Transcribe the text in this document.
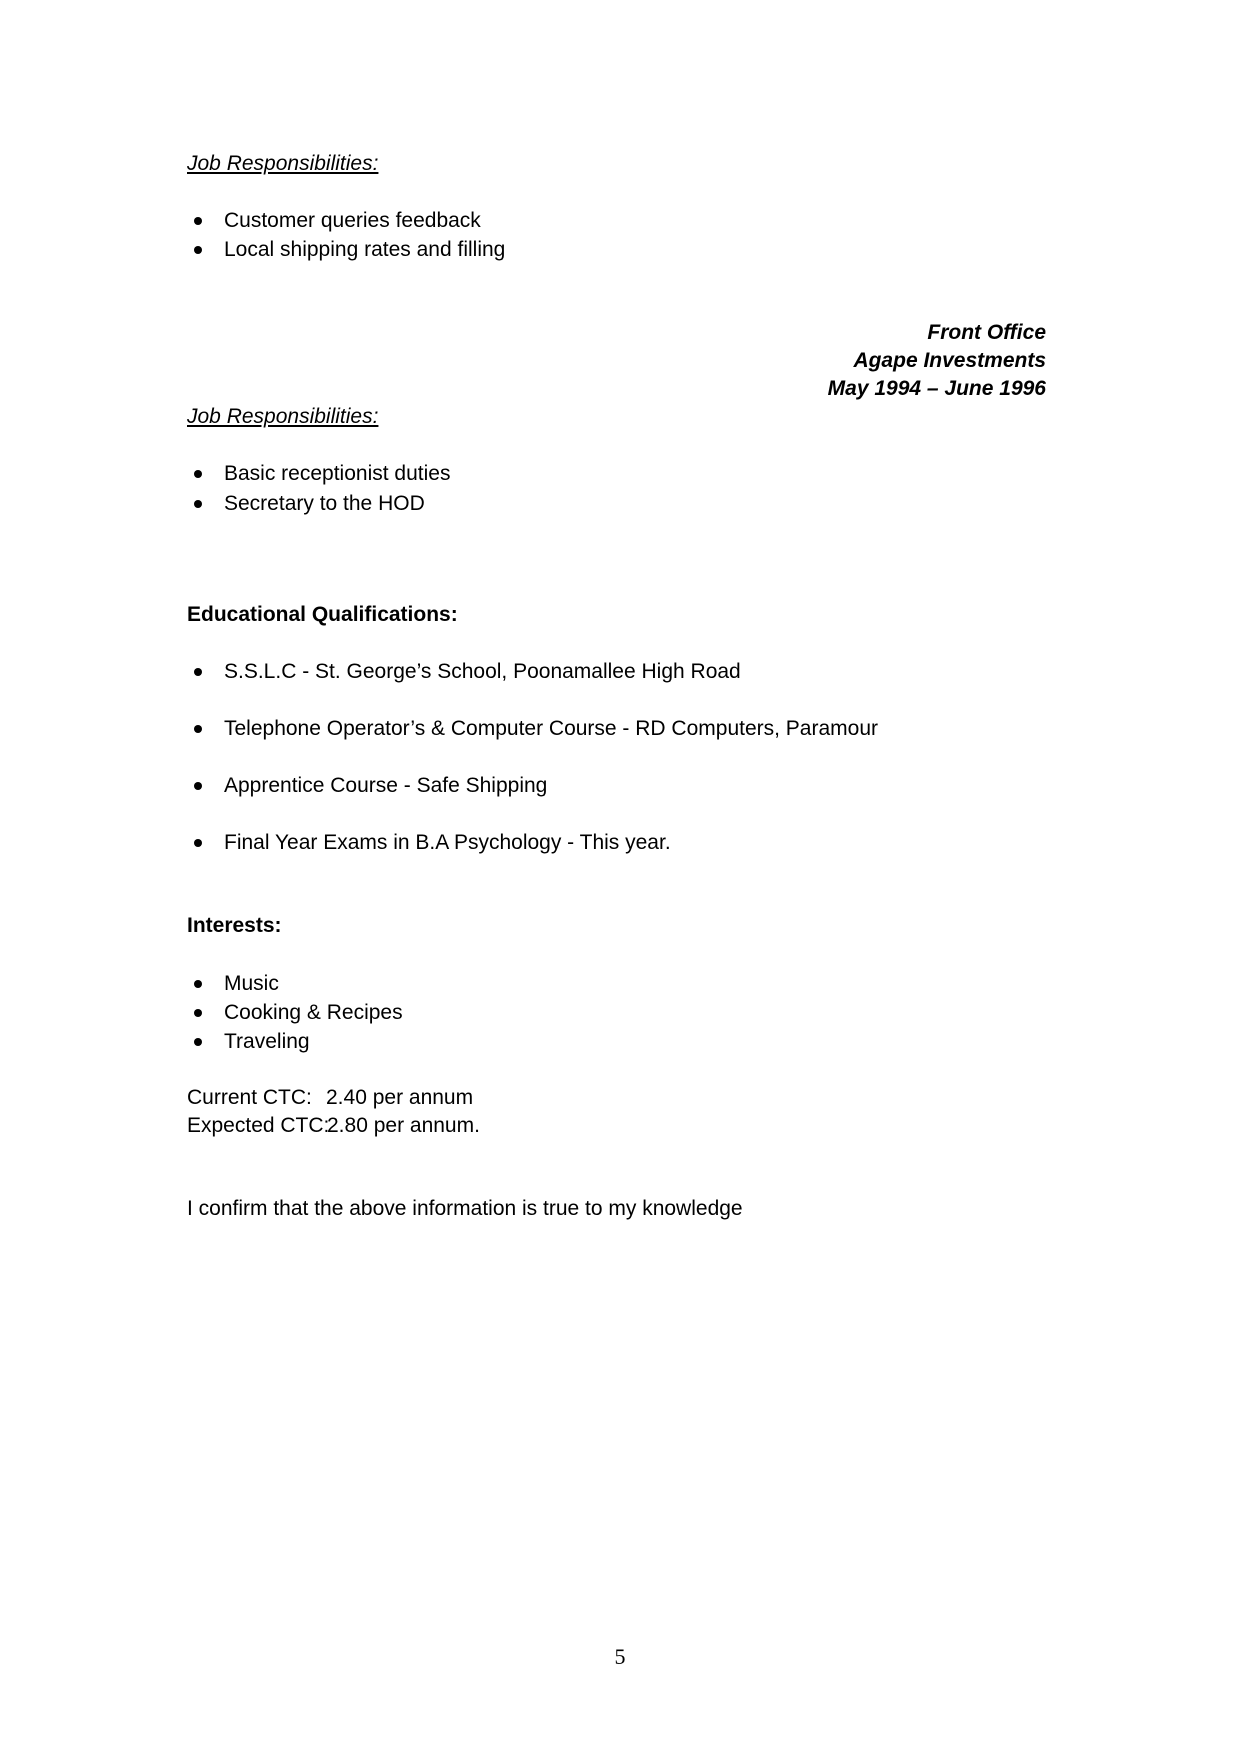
Job Responsibilities:
Customer queries feedback
Local shipping rates and filling
Front Office
Agape Investments
May 1994 – June 1996
Job Responsibilities:
Basic receptionist duties
Secretary to the HOD
Educational Qualifications:
S.S.L.C - St. George’s School, Poonamallee High Road
Telephone Operator’s & Computer Course - RD Computers, Paramour
Apprentice Course - Safe Shipping
Final Year Exams in B.A Psychology - This year.
Interests:
Music
Cooking & Recipes
Traveling
Current CTC: 2.40 per annum
Expected CTC:
2.80 per annum.
I confirm that the above information is true to my knowledge
5
